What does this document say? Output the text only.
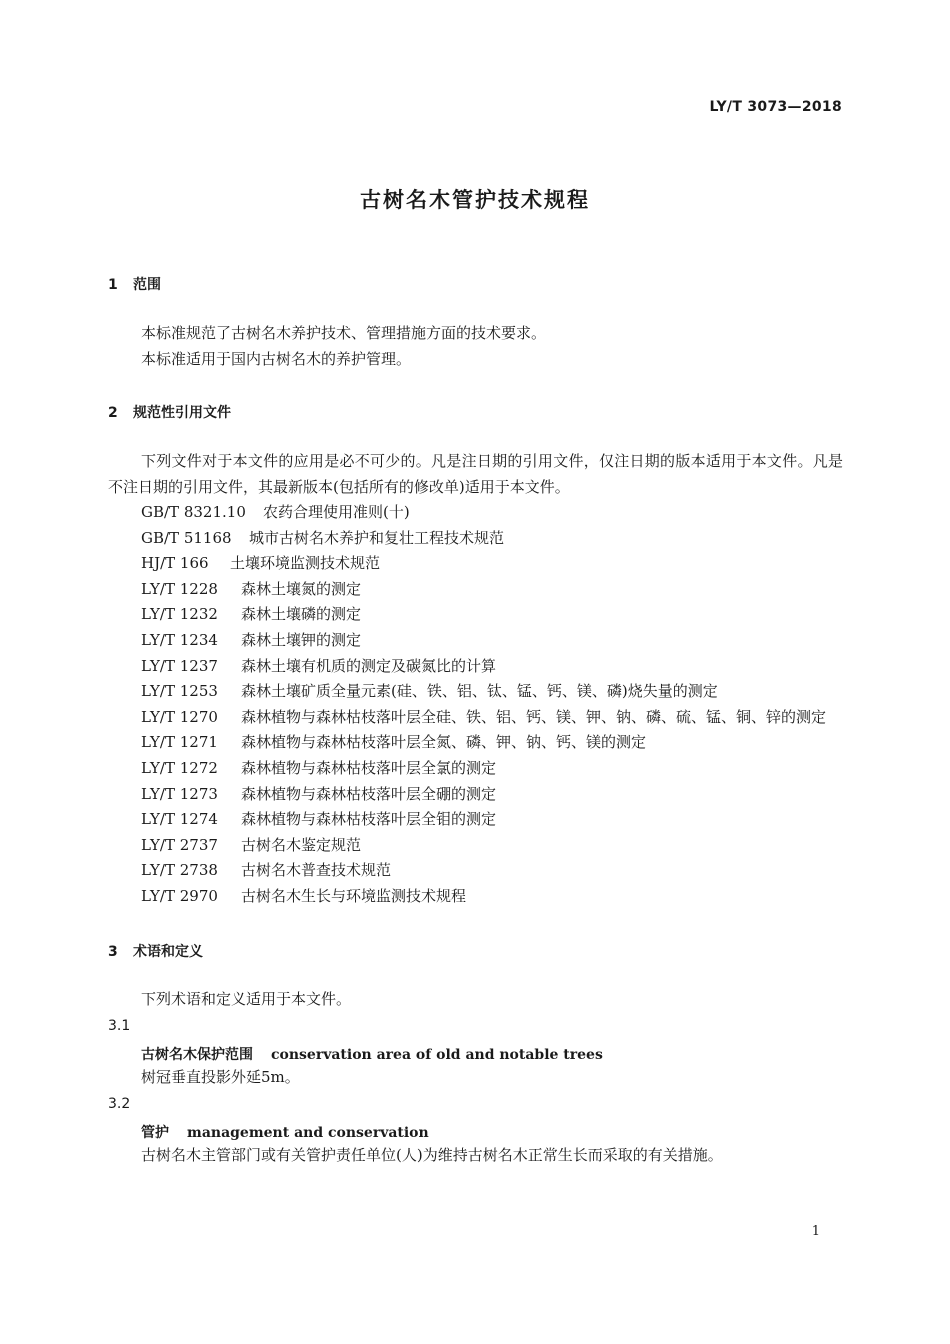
LY/T 3073—2018
古树名木管护技术规程
1 范围
本标准规范了古树名木养护技术、管理措施方面的技术要求。
本标准适用于国内古树名木的养护管理。
2 规范性引用文件
下列文件对于本文件的应用是必不可少的。凡是注日期的引用文件，仅注日期的版本适用于本文件。凡是不注日期的引用文件，其最新版本(包括所有的修改单)适用于本文件。
GB/T 8321.10 农药合理使用准则(十)
GB/T 51168 城市古树名木养护和复壮工程技术规范
HJ/T 166 土壤环境监测技术规范
LY/T 1228 森林土壤氮的测定
LY/T 1232 森林土壤磷的测定
LY/T 1234 森林土壤钾的测定
LY/T 1237 森林土壤有机质的测定及碳氮比的计算
LY/T 1253 森林土壤矿质全量元素(硅、铁、铝、钛、锰、钙、镁、磷)烧失量的测定
LY/T 1270 森林植物与森林枯枝落叶层全硅、铁、铝、钙、镁、钾、钠、磷、硫、锰、铜、锌的测定
LY/T 1271 森林植物与森林枯枝落叶层全氮、磷、钾、钠、钙、镁的测定
LY/T 1272 森林植物与森林枯枝落叶层全氯的测定
LY/T 1273 森林植物与森林枯枝落叶层全硼的测定
LY/T 1274 森林植物与森林枯枝落叶层全钼的测定
LY/T 2737 古树名木鉴定规范
LY/T 2738 古树名木普查技术规范
LY/T 2970 古树名木生长与环境监测技术规程
3 术语和定义
下列术语和定义适用于本文件。
3.1
古树名木保护范围 conservation area of old and notable trees
树冠垂直投影外延5m。
3.2
管护 management and conservation
古树名木主管部门或有关管护责任单位(人)为维持古树名木正常生长而采取的有关措施。
1
